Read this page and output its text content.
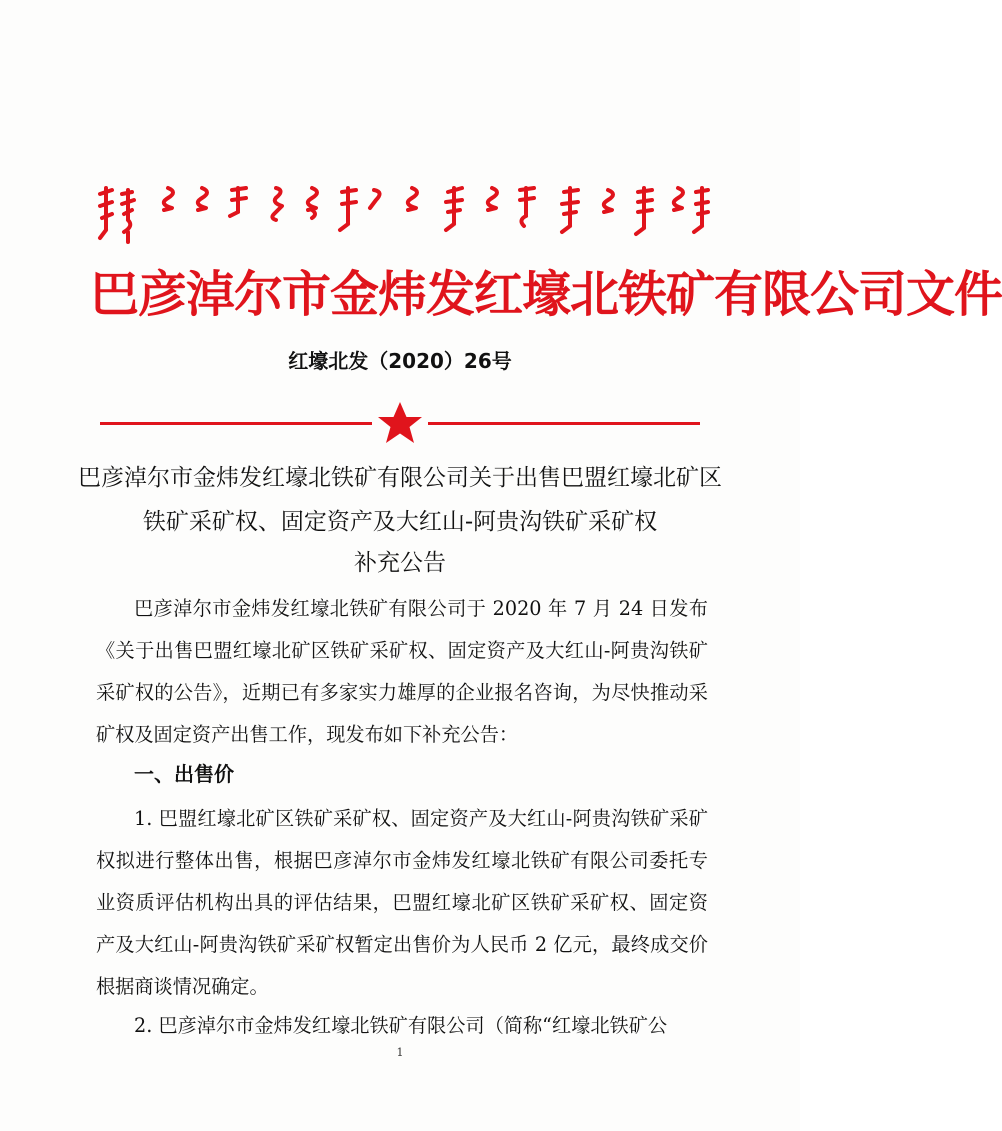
巴彦淖尔市金炜发红壕北铁矿有限公司文件
红壕北发（2020）26号
巴彦淖尔市金炜发红壕北铁矿有限公司关于出售巴盟红壕北矿区
铁矿采矿权、固定资产及大红山-阿贵沟铁矿采矿权
补充公告

巴彦淖尔市金炜发红壕北铁矿有限公司于 2020 年 7 月 24 日发布《关于出售巴盟红壕北矿区铁矿采矿权、固定资产及大红山-阿贵沟铁矿采矿权的公告》，近期已有多家实力雄厚的企业报名咨询，为尽快推动采矿权及固定资产出售工作，现发布如下补充公告：

一、出售价

1. 巴盟红壕北矿区铁矿采矿权、固定资产及大红山-阿贵沟铁矿采矿权拟进行整体出售，根据巴彦淖尔市金炜发红壕北铁矿有限公司委托专业资质评估机构出具的评估结果，巴盟红壕北矿区铁矿采矿权、固定资产及大红山-阿贵沟铁矿采矿权暂定出售价为人民币 2 亿元，最终成交价根据商谈情况确定。

2. 巴彦淖尔市金炜发红壕北铁矿有限公司（简称“红壕北铁矿公

1
